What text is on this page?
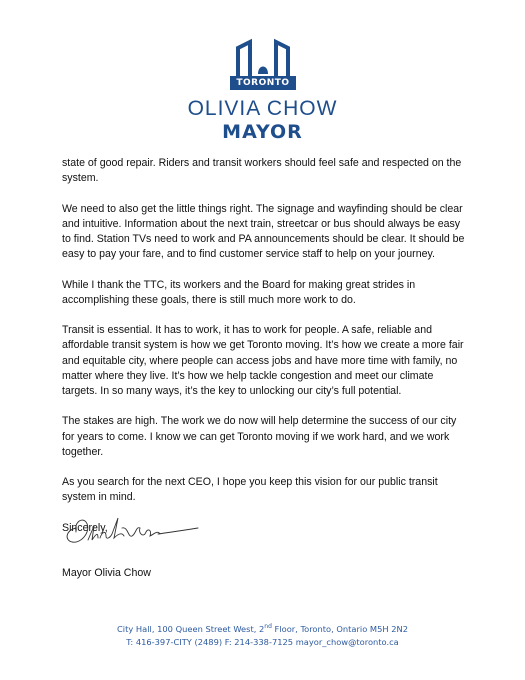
TORONTO
OLIVIA CHOW
MAYOR

state of good repair. Riders and transit workers should feel safe and respected on the system.

We need to also get the little things right. The signage and wayfinding should be clear and intuitive. Information about the next train, streetcar or bus should always be easy to find. Station TVs need to work and PA announcements should be clear. It should be easy to pay your fare, and to find customer service staff to help on your journey.

While I thank the TTC, its workers and the Board for making great strides in accomplishing these goals, there is still much more work to do.

Transit is essential. It has to work, it has to work for people. A safe, reliable and affordable transit system is how we get Toronto moving. It’s how we create a more fair and equitable city, where people can access jobs and have more time with family, no matter where they live. It’s how we help tackle congestion and meet our climate targets. In so many ways, it’s the key to unlocking our city’s full potential.

The stakes are high. The work we do now will help determine the success of our city for years to come. I know we can get Toronto moving if we work hard, and we work together.

As you search for the next CEO, I hope you keep this vision for our public transit system in mind.

Sincerely,

Mayor Olivia Chow
City Hall, 100 Queen Street West, 2nd Floor, Toronto, Ontario M5H 2N2
T: 416-397-CITY (2489) F: 214-338-7125 mayor_chow@toronto.ca
